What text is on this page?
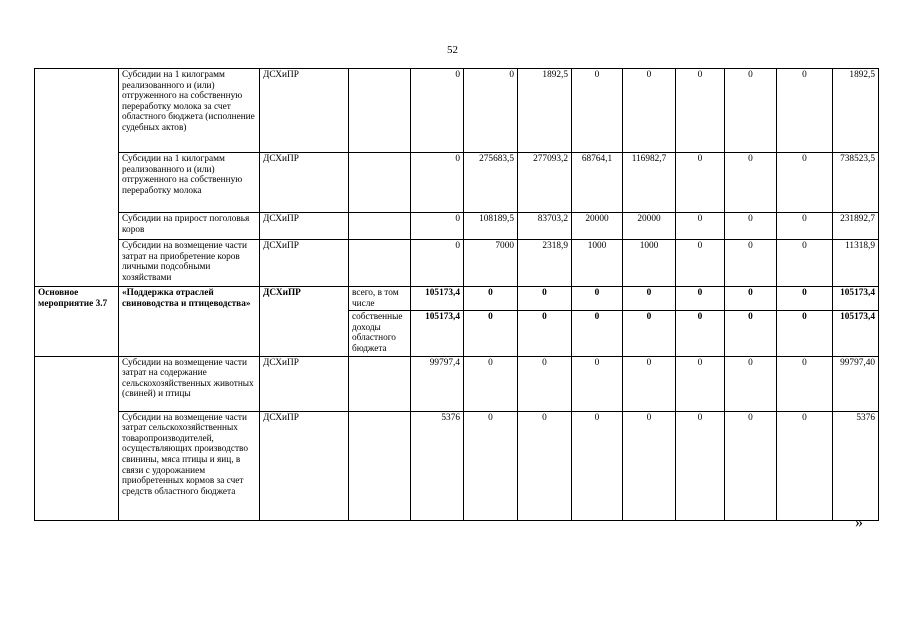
52
	Субсидии на 1 килограмм реализованного и (или) отгруженного на собственную переработку молока за счет областного бюджета (исполнение судебных актов)	ДСХиПР		0	0	1892,5	0	0	0	0	0	1892,5
	Субсидии на 1 килограмм реализованного и (или) отгруженного на собственную переработку молока	ДСХиПР		0	275683,5	277093,2	68764,1	116982,7	0	0	0	738523,5
	Субсидии на прирост поголовья коров	ДСХиПР		0	108189,5	83703,2	20000	20000	0	0	0	231892,7
	Субсидии на возмещение части затрат на приобретение коров личными подсобными хозяйствами	ДСХиПР		0	7000	2318,9	1000	1000	0	0	0	11318,9
Основное мероприятие 3.7	«Поддержка отраслей свиноводства и птицеводства»	ДСХиПР	всего, в том числе	105173,4	0	0	0	0	0	0	0	105173,4
			собственные доходы областного бюджета	105173,4	0	0	0	0	0	0	0	105173,4
	Субсидии на возмещение части затрат на содержание сельскохозяйственных животных (свиней) и птицы	ДСХиПР		99797,4	0	0	0	0	0	0	0	99797,40
	Субсидии на возмещение части затрат сельскохозяйственных товаропроизводителей, осуществляющих производство свинины, мяса птицы и яиц, в связи с удорожанием приобретенных кормов за счет средств областного бюджета	ДСХиПР		5376	0	0	0	0	0	0	0	5376
»
